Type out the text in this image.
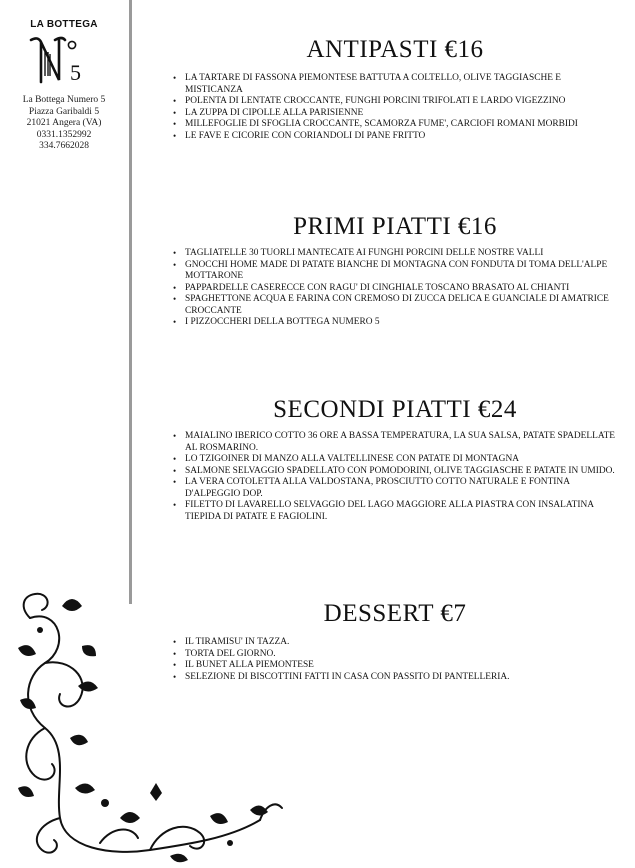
LA BOTTEGA
5
La Bottega Numero 5
Piazza Garibaldi 5
21021 Angera (VA)
0331.1352992
334.7662028
ANTIPASTI €16
• LA TARTARE DI FASSONA PIEMONTESE BATTUTA A COLTELLO, OLIVE TAGGIASCHE E MISTICANZA
• POLENTA DI LENTATE CROCCANTE, FUNGHI PORCINI TRIFOLATI E LARDO VIGEZZINO
• LA ZUPPA DI CIPOLLE ALLA PARISIENNE
• MILLEFOGLIE DI SFOGLIA CROCCANTE, SCAMORZA FUME', CARCIOFI ROMANI MORBIDI
• LE FAVE E CICORIE CON CORIANDOLI DI PANE FRITTO
PRIMI PIATTI €16
• TAGLIATELLE 30 TUORLI MANTECATE AI FUNGHI PORCINI DELLE NOSTRE VALLI
• GNOCCHI HOME MADE DI PATATE BIANCHE DI MONTAGNA CON FONDUTA DI TOMA DELL'ALPE MOTTARONE
• PAPPARDELLE CASERECCE CON RAGU' DI CINGHIALE TOSCANO BRASATO AL CHIANTI
• SPAGHETTONE ACQUA E FARINA CON CREMOSO DI ZUCCA DELICA E GUANCIALE DI AMATRICE CROCCANTE
• I PIZZOCCHERI DELLA BOTTEGA NUMERO 5
SECONDI PIATTI €24
• MAIALINO IBERICO COTTO 36 ORE A BASSA TEMPERATURA, LA SUA SALSA, PATATE SPADELLATE AL ROSMARINO.
• LO TZIGOINER DI MANZO ALLA VALTELLINESE CON PATATE DI MONTAGNA
• SALMONE SELVAGGIO SPADELLATO CON POMODORINI, OLIVE TAGGIASCHE E PATATE IN UMIDO.
• LA VERA COTOLETTA ALLA VALDOSTANA, PROSCIUTTO COTTO NATURALE E FONTINA D'ALPEGGIO DOP.
• FILETTO DI LAVARELLO SELVAGGIO DEL LAGO MAGGIORE ALLA PIASTRA CON INSALATINA TIEPIDA DI PATATE E FAGIOLINI.
DESSERT €7
• IL TIRAMISU' IN TAZZA.
• TORTA DEL GIORNO.
• IL BUNET ALLA PIEMONTESE
• SELEZIONE DI BISCOTTINI FATTI IN CASA CON PASSITO DI PANTELLERIA.
